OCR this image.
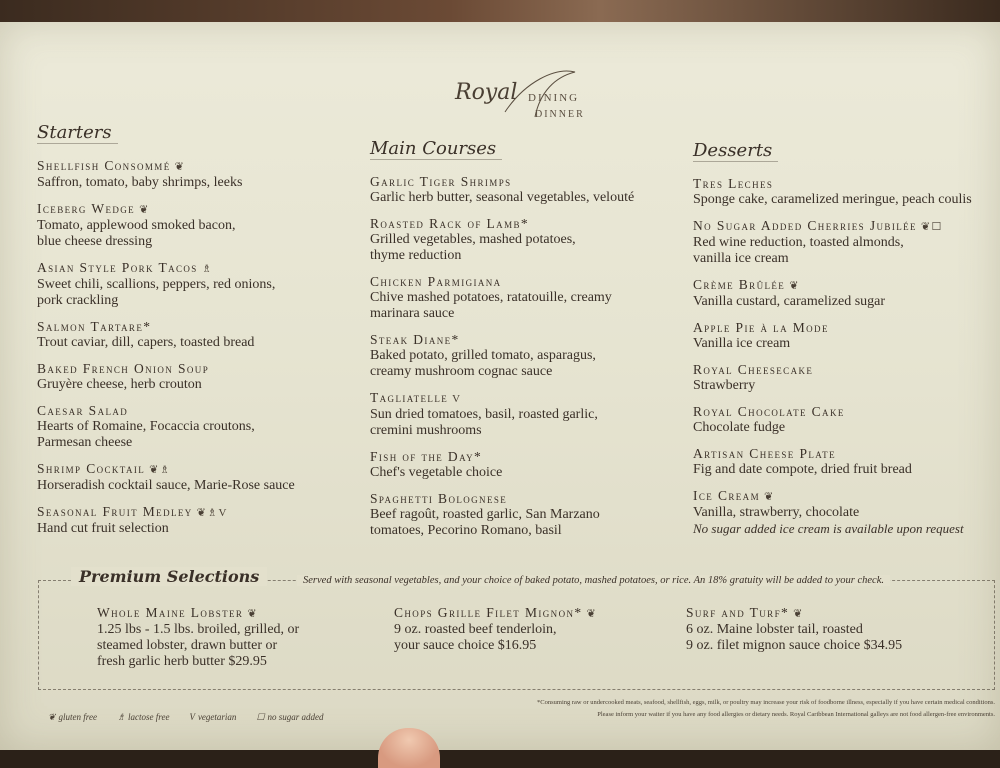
Royal DINING
DINNER
Starters
Shellfish Consommé ❦
Saffron, tomato, baby shrimps, leeks
Iceberg Wedge ❦
Tomato, applewood smoked bacon,
blue cheese dressing
Asian Style Pork Tacos ♗
Sweet chili, scallions, peppers, red onions,
pork crackling
Salmon Tartare*
Trout caviar, dill, capers, toasted bread
Baked French Onion Soup
Gruyère cheese, herb crouton
Caesar Salad
Hearts of Romaine, Focaccia croutons,
Parmesan cheese
Shrimp Cocktail ❦♗
Horseradish cocktail sauce, Marie-Rose sauce
Seasonal Fruit Medley ❦♗V
Hand cut fruit selection
Main Courses
Garlic Tiger Shrimps
Garlic herb butter, seasonal vegetables, velouté
Roasted Rack of Lamb*
Grilled vegetables, mashed potatoes,
thyme reduction
Chicken Parmigiana
Chive mashed potatoes, ratatouille, creamy
marinara sauce
Steak Diane*
Baked potato, grilled tomato, asparagus,
creamy mushroom cognac sauce
Tagliatelle V
Sun dried tomatoes, basil, roasted garlic,
cremini mushrooms
Fish of the Day*
Chef's vegetable choice
Spaghetti Bolognese
Beef ragoût, roasted garlic, San Marzano
tomatoes, Pecorino Romano, basil
Desserts
Tres Leches
Sponge cake, caramelized meringue, peach coulis
No Sugar Added Cherries Jubilée ❦☐
Red wine reduction, toasted almonds,
vanilla ice cream
Crème Brûlée ❦
Vanilla custard, caramelized sugar
Apple Pie à la Mode
Vanilla ice cream
Royal Cheesecake
Strawberry
Royal Chocolate Cake
Chocolate fudge
Artisan Cheese Plate
Fig and date compote, dried fruit bread
Ice Cream ❦
Vanilla, strawberry, chocolate
No sugar added ice cream is available upon request
Premium Selections	Served with seasonal vegetables, and your choice of baked potato, mashed potatoes, or rice. An 18% gratuity will be added to your check.
Whole Maine Lobster ❦
1.25 lbs - 1.5 lbs. broiled, grilled, or
steamed lobster, drawn butter or
fresh garlic herb butter $29.95
Chops Grille Filet Mignon* ❦
9 oz. roasted beef tenderloin,
your sauce choice $16.95
Surf and Turf* ❦
6 oz. Maine lobster tail, roasted
9 oz. filet mignon sauce choice $34.95
❦ gluten free ♗ lactose free V vegetarian ☐ no sugar added
*Consuming raw or undercooked meats, seafood, shellfish, eggs, milk, or poultry may increase your risk of foodborne illness, especially if you have certain medical conditions.
Please inform your waiter if you have any food allergies or dietary needs. Royal Caribbean International galleys are not food allergen-free environments.
